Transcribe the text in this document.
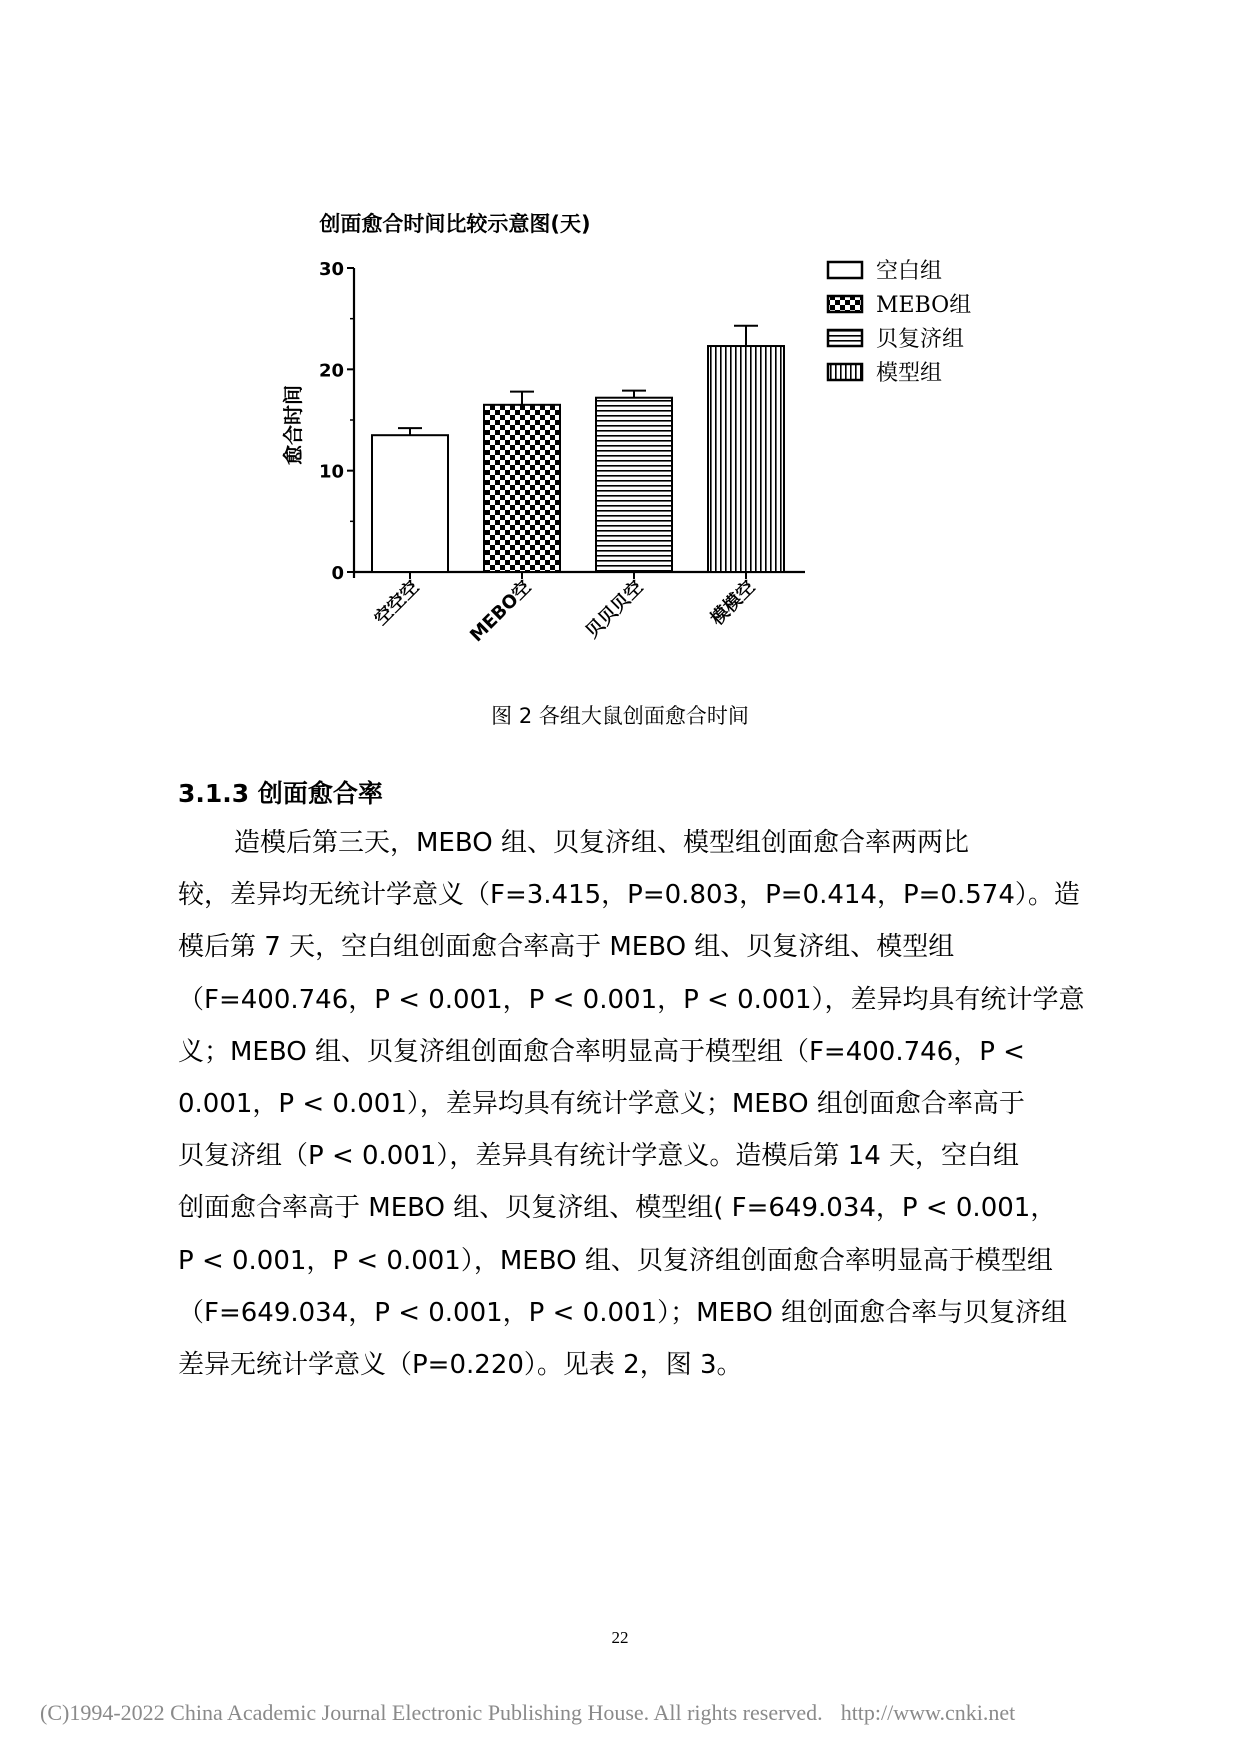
创面愈合时间比较示意图(天)
0
10
20
30
愈合时间
空空空 MEBO空	贝贝贝空	模模空
空白组
MEBO组
贝复济组
模型组
图 2 各组大鼠创面愈合时间
3.1.3 创面愈合率
造模后第三天，MEBO 组、贝复济组、模型组创面愈合率两两比
较，差异均无统计学意义（F=3.415，P=0.803，P=0.414，P=0.574）。造
模后第 7 天，空白组创面愈合率高于 MEBO 组、贝复济组、模型组
（F=400.746，P < 0.001，P < 0.001，P < 0.001），差异均具有统计学意
义；MEBO 组、贝复济组创面愈合率明显高于模型组（F=400.746，P <
0.001，P < 0.001），差异均具有统计学意义；MEBO 组创面愈合率高于
贝复济组（P < 0.001），差异具有统计学意义。造模后第 14 天，空白组
创面愈合率高于 MEBO 组、贝复济组、模型组( F=649.034，P < 0.001，
P < 0.001，P < 0.001），MEBO 组、贝复济组创面愈合率明显高于模型组
（F=649.034，P < 0.001，P < 0.001）；MEBO 组创面愈合率与贝复济组
差异无统计学意义（P=0.220）。见表 2，图 3。
22
(C)1994-2022 China Academic Journal Electronic Publishing House. All rights reserved. http://www.cnki.net
